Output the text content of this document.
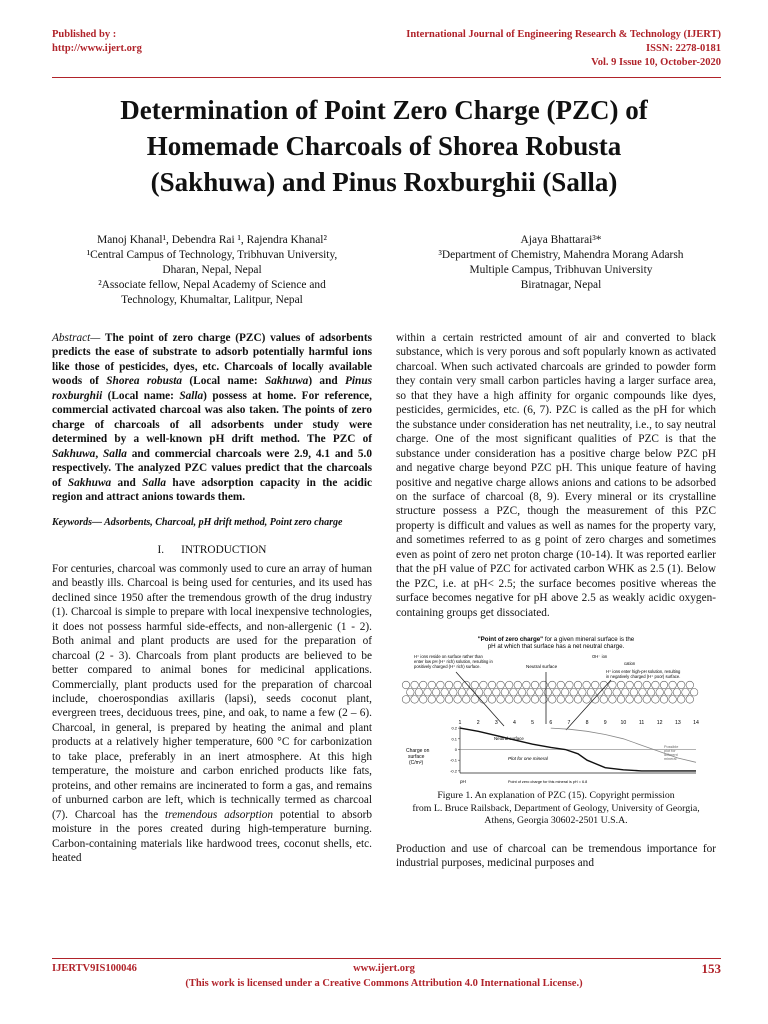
Published by :
http://www.ijert.org
International Journal of Engineering Research & Technology (IJERT)
ISSN: 2278-0181
Vol. 9 Issue 10, October-2020
Determination of Point Zero Charge (PZC) of
Homemade Charcoals of Shorea Robusta
(Sakhuwa) and Pinus Roxburghii (Salla)
Manoj Khanal¹, Debendra Rai ¹, Rajendra Khanal²
¹Central Campus of Technology, Tribhuvan University,
Dharan, Nepal, Nepal
²Associate fellow, Nepal Academy of Science and
Technology, Khumaltar, Lalitpur, Nepal
Ajaya Bhattarai³*
³Department of Chemistry, Mahendra Morang Adarsh
Multiple Campus, Tribhuvan University
Biratnagar, Nepal

Abstract— The point of zero charge (PZC) values of adsorbents predicts the ease of substrate to adsorb potentially harmful ions like those of pesticides, dyes, etc. Charcoals of locally available woods of Shorea robusta (Local name: Sakhuwa) and Pinus roxburghii (Local name: Salla) possess at home. For reference, commercial activated charcoal was also taken. The points of zero charge of charcoals of all adsorbents under study were determined by a well-known pH drift method. The PZC of Sakhuwa, Salla and commercial charcoals were 2.9, 4.1 and 5.0 respectively. The analyzed PZC values predict that the charcoals of Sakhuwa and Salla have adsorption capacity in the acidic region and attract anions towards them.

Keywords— Adsorbents, Charcoal, pH drift method, Point zero charge

I.      INTRODUCTION

For centuries, charcoal was commonly used to cure an array of human and beastly ills. Charcoal is being used for centuries, and its used has declined since 1950 after the tremendous growth of the drug industry (1). Charcoal is simple to prepare with local inexpensive technologies, it does not possess harmful side-effects, and non-allergenic (1 - 2). Both animal and plant products are used for the preparation of charcoal (2 - 3). Charcoals from plant products are believed to be better compared to animal bones for medicinal applications. Commercially, plant products used for the preparation of charcoal include, choerospondias axillaris (lapsi), seeds coconut plant, evergreen trees, deciduous trees, pine, and oak, to name a few (2 – 6). Charcoal, in general, is prepared by heating the animal and plant products at a relatively higher temperature, 600 °C for carbonization to take place, preferably in an inert atmosphere. At this high temperature, the moisture and carbon enriched products like fats, proteins, and other remains are incinerated to form a gas, and remains of unburned carbon are left, which is technically termed as charcoal (7). Charcoal has the tremendous adsorption potential to absorb moisture in the pores created during high-temperature burning. Carbon-containing materials like hardwood trees, coconut shells, etc. heated

within a certain restricted amount of air and converted to black substance, which is very porous and soft popularly known as activated charcoal. When such activated charcoals are grinded to powder form they contain very small carbon particles having a larger surface area, so that they have a high affinity for organic compounds like dyes, pesticides, germicides, etc. (6, 7). PZC is called as the pH for which the substance under consideration has net neutrality, i.e., to say neutral charge. One of the most significant qualities of PZC is that the substance under consideration has a positive charge below PZC pH and negative charge beyond PZC pH. This unique feature of having positive and negative charge allows anions and cations to be adsorbed on the surface of charcoal (8, 9). Every mineral or its crystalline structure possess a PZC, though the measurement of this PZC property is difficult and values as well as names for the property vary, and sometimes referred to as g point of zero charges and sometimes even as point of zero net proton charge (10-14). It was reported earlier that the pH value of PZC for activated carbon WHK as 2.5 (1). Below the PZC, i.e. at pH< 2.5; the surface becomes positive whereas the surface becomes negative for pH above 2.5 as weakly acidic oxygen-containing groups get dissociated.

"Point of zero charge" for a given mineral surface is the
pH at which that surface has a net neutral charge.
H⁺ ions reside on surface rather than
enter low pH (H⁺ rich) solution, resulting in
positively charged (H⁺ rich) surface.	Neutral surface
OH⁻ ion
cation
H⁺ ions enter high-pH solution, resulting
in negatively charged (H⁺ poor) surface.
Charge on
surface
(C/m²)
Neutral surface
Plot for one mineral
Point of zero charge for this mineral is pH = 6.8
pH
Possible
plot for
different
mineral
0.2
0.1
0
-0.1
-0.2
1	2	3	4	5	6	7	8	9	10 11 12 13 14
Figure 1. An explanation of PZC (15). Copyright permission
from L. Bruce Railsback, Department of Geology, University of Georgia,
Athens, Georgia 30602-2501 U.S.A.

Production and use of charcoal can be tremendous importance for industrial purposes, medicinal purposes and

IJERTV9IS100046	www.ijert.org	153
(This work is licensed under a Creative Commons Attribution 4.0 International License.)
